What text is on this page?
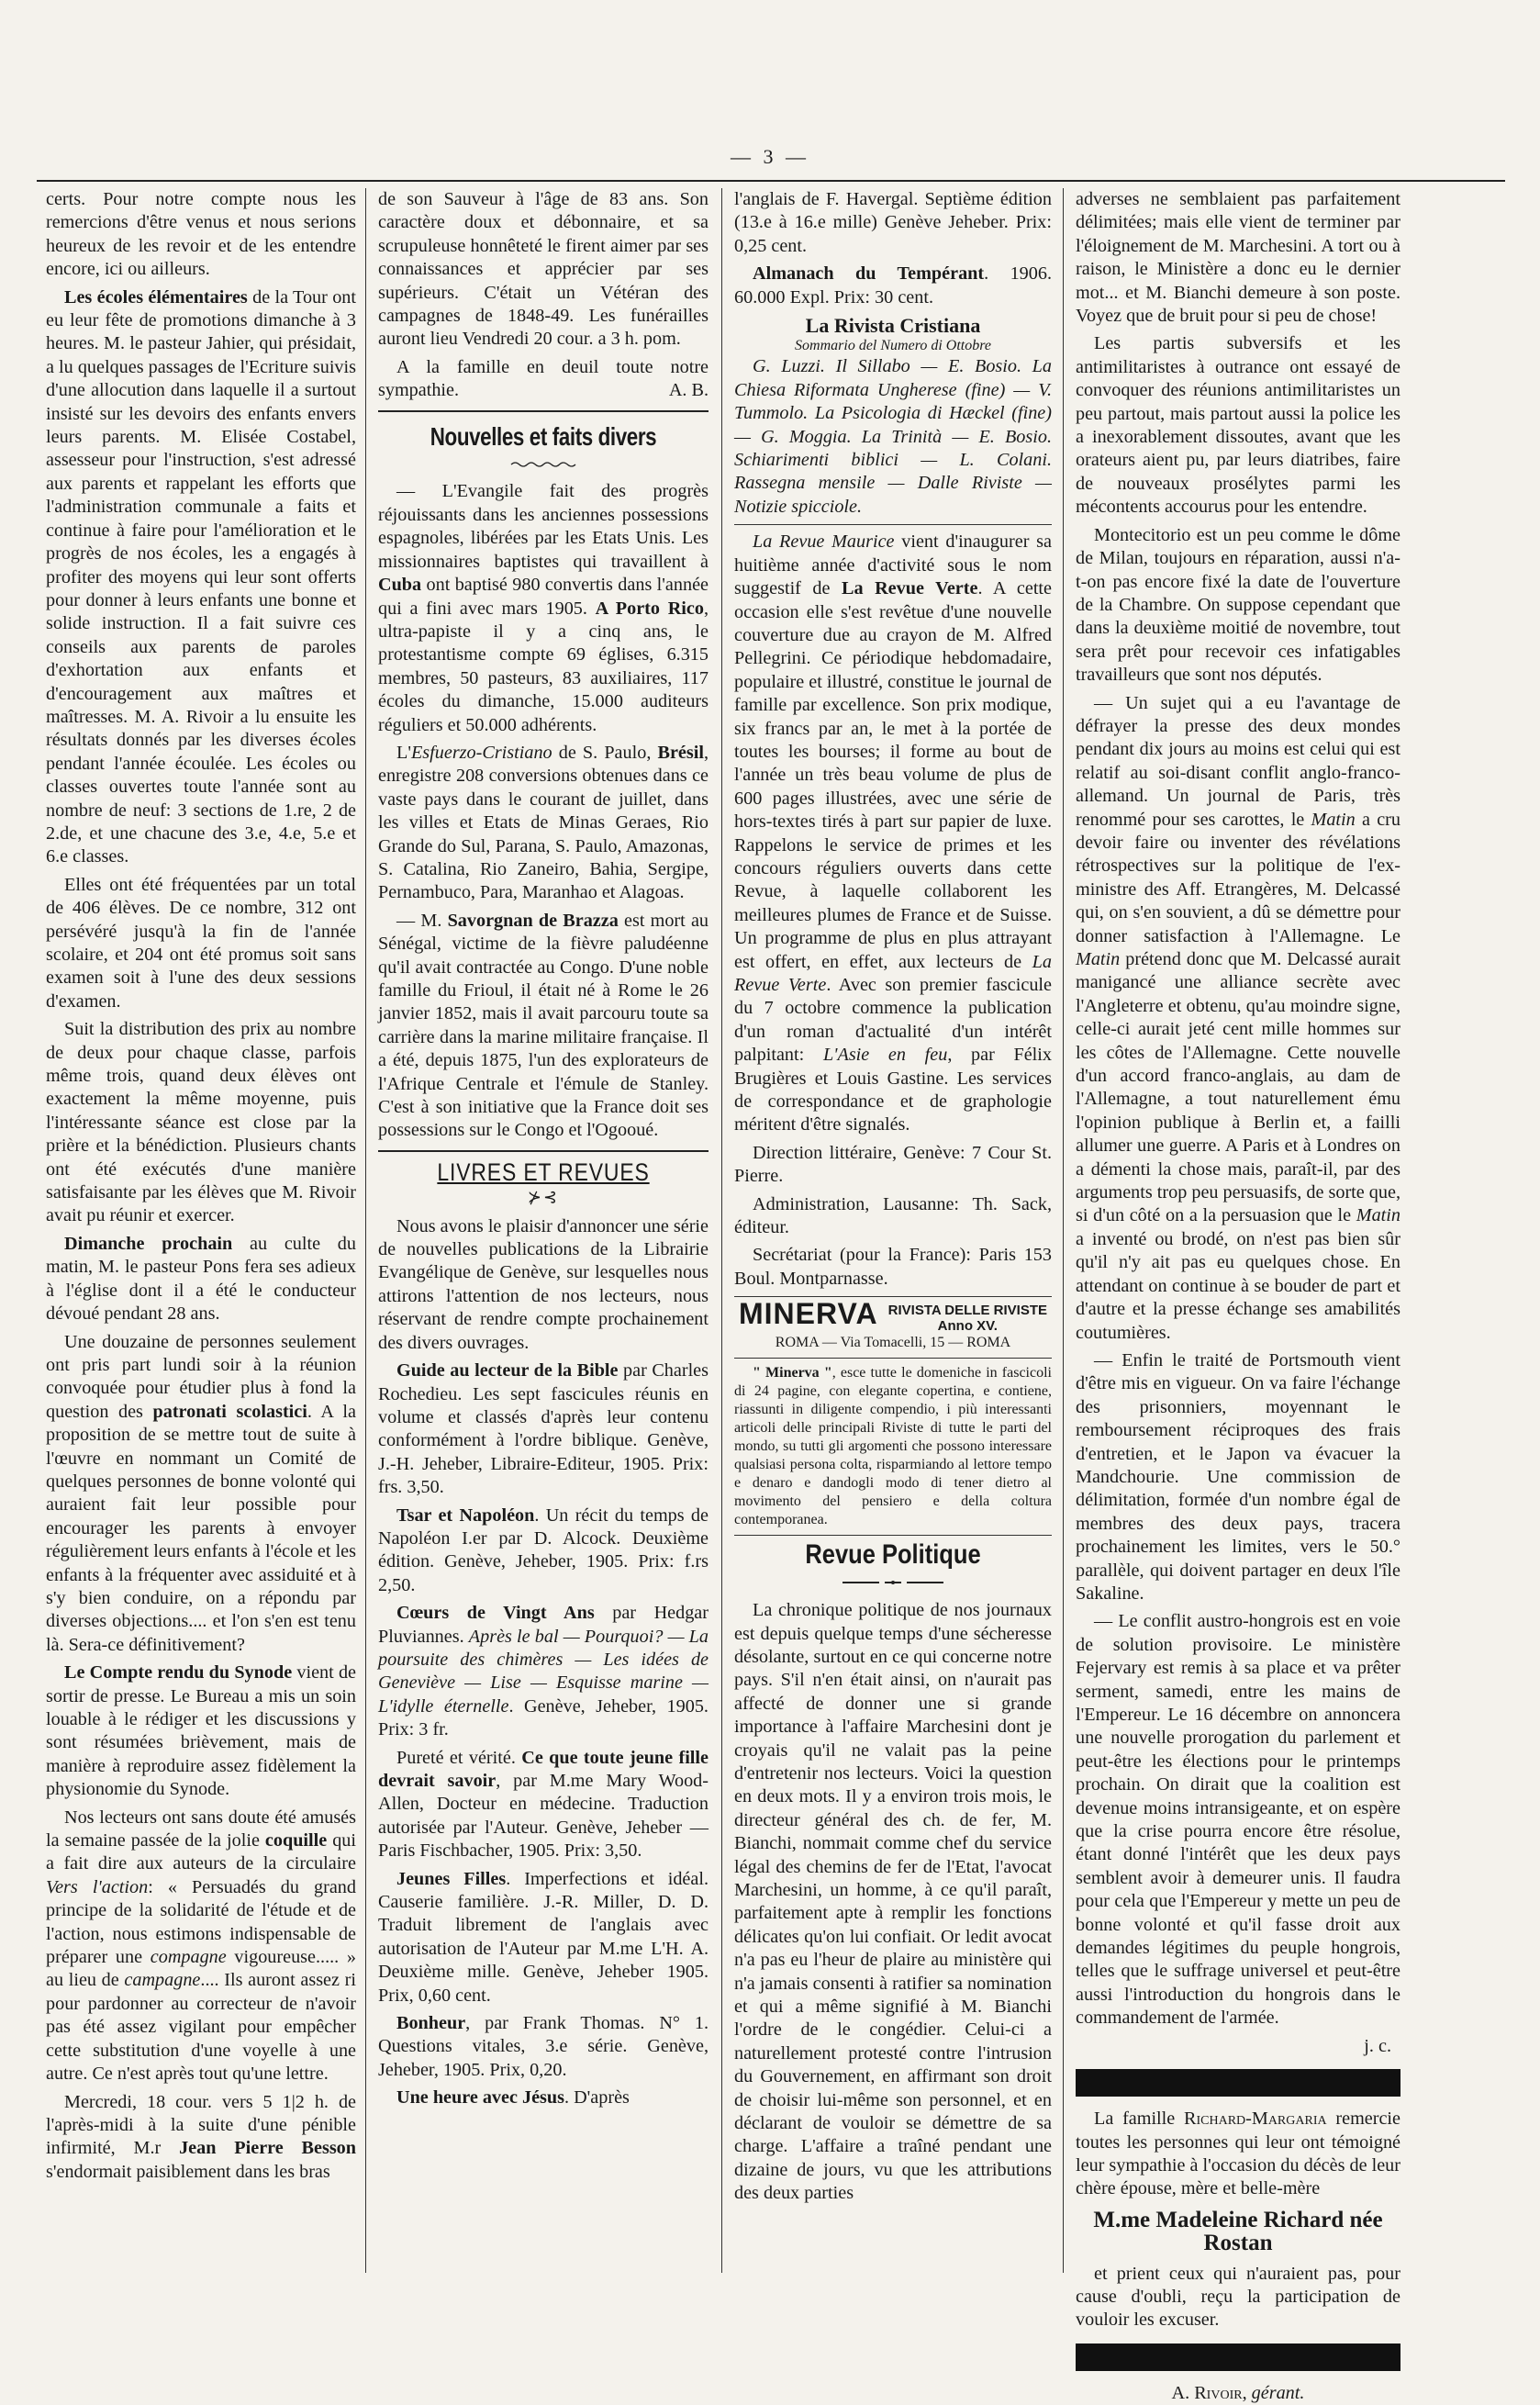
— 3 —

certs. Pour notre compte nous les remercions d'être venus et nous serions heureux de les revoir et de les entendre encore, ici ou ailleurs.

Les écoles élémentaires de la Tour ont eu leur fête de promotions dimanche à 3 heures. M. le pasteur Jahier, qui présidait, a lu quelques passages de l'Ecriture suivis d'une allocution dans laquelle il a surtout insisté sur les devoirs des enfants envers leurs parents. M. Elisée Costabel, assesseur pour l'instruction, s'est adressé aux parents et rappelant les efforts que l'administration communale a faits et continue à faire pour l'amélioration et le progrès de nos écoles, les a engagés à profiter des moyens qui leur sont offerts pour donner à leurs enfants une bonne et solide instruction. Il a fait suivre ces conseils aux parents de paroles d'exhortation aux enfants et d'encouragement aux maîtres et maîtresses. M. A. Rivoir a lu ensuite les résultats donnés par les diverses écoles pendant l'année écoulée. Les écoles ou classes ouvertes toute l'année sont au nombre de neuf: 3 sections de 1.re, 2 de 2.de, et une chacune des 3.e, 4.e, 5.e et 6.e classes.

Elles ont été fréquentées par un total de 406 élèves. De ce nombre, 312 ont persévéré jusqu'à la fin de l'année scolaire, et 204 ont été promus soit sans examen soit à l'une des deux sessions d'examen.

Suit la distribution des prix au nombre de deux pour chaque classe, parfois même trois, quand deux élèves ont exactement la même moyenne, puis l'intéressante séance est close par la prière et la bénédiction. Plusieurs chants ont été exécutés d'une manière satisfaisante par les élèves que M. Rivoir avait pu réunir et exercer.

Dimanche prochain au culte du matin, M. le pasteur Pons fera ses adieux à l'église dont il a été le conducteur dévoué pendant 28 ans.

Une douzaine de personnes seulement ont pris part lundi soir à la réunion convoquée pour étudier plus à fond la question des patronati scolastici. A la proposition de se mettre tout de suite à l'œuvre en nommant un Comité de quelques personnes de bonne volonté qui auraient fait leur possible pour encourager les parents à envoyer régulièrement leurs enfants à l'école et les enfants à la fréquenter avec assiduité et à s'y bien conduire, on a répondu par diverses objections.... et l'on s'en est tenu là. Sera-ce définitivement?

Le Compte rendu du Synode vient de sortir de presse. Le Bureau a mis un soin louable à le rédiger et les discussions y sont résumées brièvement, mais de manière à reproduire assez fidèlement la physionomie du Synode.

Nos lecteurs ont sans doute été amusés la semaine passée de la jolie coquille qui a fait dire aux auteurs de la circulaire Vers l'action: « Persuadés du grand principe de la solidarité de l'étude et de l'action, nous estimons indispensable de préparer une compagne vigoureuse..... » au lieu de campagne.... Ils auront assez ri pour pardonner au correcteur de n'avoir pas été assez vigilant pour empêcher cette substitution d'une voyelle à une autre. Ce n'est après tout qu'une lettre.

Mercredi, 18 cour. vers 5 1|2 h. de l'après-midi à la suite d'une pénible infirmité, M.r Jean Pierre Besson s'endormait paisiblement dans les bras

de son Sauveur à l'âge de 83 ans. Son caractère doux et débonnaire, et sa scrupuleuse honnêteté le firent aimer par ses connaissances et apprécier par ses supérieurs. C'était un Vétéran des campagnes de 1848-49. Les funérailles auront lieu Vendredi 20 cour. a 3 h. pom.

A la famille en deuil toute notre sympathie.	A. B.

Nouvelles et faits divers

— L'Evangile fait des progrès réjouissants dans les anciennes possessions espagnoles, libérées par les Etats Unis. Les missionnaires baptistes qui travaillent à Cuba ont baptisé 980 convertis dans l'année qui a fini avec mars 1905. A Porto Rico, ultra-papiste il y a cinq ans, le protestantisme compte 69 églises, 6.315 membres, 50 pasteurs, 83 auxiliaires, 117 écoles du dimanche, 15.000 auditeurs réguliers et 50.000 adhérents.

L'Esfuerzo-Cristiano de S. Paulo, Brésil, enregistre 208 conversions obtenues dans ce vaste pays dans le courant de juillet, dans les villes et Etats de Minas Geraes, Rio Grande do Sul, Parana, S. Paulo, Amazonas, S. Catalina, Rio Zaneiro, Bahia, Sergipe, Pernambuco, Para, Maranhao et Alagoas.

— M. Savorgnan de Brazza est mort au Sénégal, victime de la fièvre paludéenne qu'il avait contractée au Congo. D'une noble famille du Frioul, il était né à Rome le 26 janvier 1852, mais il avait parcouru toute sa carrière dans la marine militaire française. Il a été, depuis 1875, l'un des explorateurs de l'Afrique Centrale et l'émule de Stanley. C'est à son initiative que la France doit ses possessions sur le Congo et l'Ogooué.

LIVRES ET REVUES
⊁⊰

Nous avons le plaisir d'annoncer une série de nouvelles publications de la Librairie Evangélique de Genève, sur lesquelles nous attirons l'attention de nos lecteurs, nous réservant de rendre compte prochainement des divers ouvrages.

Guide au lecteur de la Bible par Charles Rochedieu. Les sept fascicules réunis en volume et classés d'après leur contenu conformément à l'ordre biblique. Genève, J.-H. Jeheber, Libraire-Editeur, 1905. Prix: frs. 3,50.

Tsar et Napoléon. Un récit du temps de Napoléon I.er par D. Alcock. Deuxième édition. Genève, Jeheber, 1905. Prix: f.rs 2,50.

Cœurs de Vingt Ans par Hedgar Pluviannes. Après le bal — Pourquoi? — La poursuite des chimères — Les idées de Geneviève — Lise — Esquisse marine — L'idylle éternelle. Genève, Jeheber, 1905. Prix: 3 fr.

Pureté et vérité. Ce que toute jeune fille devrait savoir, par M.me Mary Wood-Allen, Docteur en médecine. Traduction autorisée par l'Auteur. Genève, Jeheber — Paris Fischbacher, 1905. Prix: 3,50.

Jeunes Filles. Imperfections et idéal. Causerie familière. J.-R. Miller, D. D. Traduit librement de l'anglais avec autorisation de l'Auteur par M.me L'H. A. Deuxième mille. Genève, Jeheber 1905. Prix, 0,60 cent.

Bonheur, par Frank Thomas. N° 1. Questions vitales, 3.e série. Genève, Jeheber, 1905. Prix, 0,20.

Une heure avec Jésus. D'après

l'anglais de F. Havergal. Septième édition (13.e à 16.e mille) Genève Jeheber. Prix: 0,25 cent.

Almanach du Tempérant. 1906. 60.000 Expl. Prix: 30 cent.

La Rivista Cristiana
Sommario del Numero di Ottobre

G. Luzzi. Il Sillabo — E. Bosio. La Chiesa Riformata Ungherese (fine) — V. Tummolo. La Psicologia di Hæckel (fine) — G. Moggia. La Trinità — E. Bosio. Schiarimenti biblici — L. Colani. Rassegna mensile — Dalle Riviste — Notizie spicciole.

La Revue Maurice vient d'inaugurer sa huitième année d'activité sous le nom suggestif de La Revue Verte. A cette occasion elle s'est revêtue d'une nouvelle couverture due au crayon de M. Alfred Pellegrini. Ce périodique hebdomadaire, populaire et illustré, constitue le journal de famille par excellence. Son prix modique, six francs par an, le met à la portée de toutes les bourses; il forme au bout de l'année un très beau volume de plus de 600 pages illustrées, avec une série de hors-textes tirés à part sur papier de luxe. Rappelons le service de primes et les concours réguliers ouverts dans cette Revue, à laquelle collaborent les meilleures plumes de France et de Suisse. Un programme de plus en plus attrayant est offert, en effet, aux lecteurs de La Revue Verte. Avec son premier fascicule du 7 octobre commence la publication d'un roman d'actualité d'un intérêt palpitant: L'Asie en feu, par Félix Brugières et Louis Gastine. Les services de correspondance et de graphologie méritent d'être signalés.

Direction littéraire, Genève: 7 Cour St. Pierre.

Administration, Lausanne: Th. Sack, éditeur.

Secrétariat (pour la France): Paris 153 Boul. Montparnasse.

MINERVA RIVISTA DELLE RIVISTE
Anno XV.
ROMA — Via Tomacelli, 15 — ROMA

" Minerva ", esce tutte le domeniche in fascicoli di 24 pagine, con elegante copertina, e contiene, riassunti in diligente compendio, i più interessanti articoli delle principali Riviste di tutte le parti del mondo, su tutti gli argomenti che possono interessare qualsiasi persona colta, risparmiando al lettore tempo e denaro e dandogli modo di tener dietro al movimento del pensiero e della coltura contemporanea.

Revue Politique

La chronique politique de nos journaux est depuis quelque temps d'une sécheresse désolante, surtout en ce qui concerne notre pays. S'il n'en était ainsi, on n'aurait pas affecté de donner une si grande importance à l'affaire Marchesini dont je croyais qu'il ne valait pas la peine d'entretenir nos lecteurs. Voici la question en deux mots. Il y a environ trois mois, le directeur général des ch. de fer, M. Bianchi, nommait comme chef du service légal des chemins de fer de l'Etat, l'avocat Marchesini, un homme, à ce qu'il paraît, parfaitement apte à remplir les fonctions délicates qu'on lui confiait. Or ledit avocat n'a pas eu l'heur de plaire au ministère qui n'a jamais consenti à ratifier sa nomination et qui a même signifié à M. Bianchi l'ordre de le congédier. Celui-ci a naturellement protesté contre l'intrusion du Gouvernement, en affirmant son droit de choisir lui-même son personnel, et en déclarant de vouloir se démettre de sa charge. L'affaire a traîné pendant une dizaine de jours, vu que les attributions des deux parties

adverses ne semblaient pas parfaitement délimitées; mais elle vient de terminer par l'éloignement de M. Marchesini. A tort ou à raison, le Ministère a donc eu le dernier mot... et M. Bianchi demeure à son poste. Voyez que de bruit pour si peu de chose!

Les partis subversifs et les antimilitaristes à outrance ont essayé de convoquer des réunions antimilitaristes un peu partout, mais partout aussi la police les a inexorablement dissoutes, avant que les orateurs aient pu, par leurs diatribes, faire de nouveaux prosélytes parmi les mécontents accourus pour les entendre.

Montecitorio est un peu comme le dôme de Milan, toujours en réparation, aussi n'a-t-on pas encore fixé la date de l'ouverture de la Chambre. On suppose cependant que dans la deuxième moitié de novembre, tout sera prêt pour recevoir ces infatigables travailleurs que sont nos députés.

— Un sujet qui a eu l'avantage de défrayer la presse des deux mondes pendant dix jours au moins est celui qui est relatif au soi-disant conflit anglo-franco-allemand. Un journal de Paris, très renommé pour ses carottes, le Matin a cru devoir faire ou inventer des révélations rétrospectives sur la politique de l'ex-ministre des Aff. Etrangères, M. Delcassé qui, on s'en souvient, a dû se démettre pour donner satisfaction à l'Allemagne. Le Matin prétend donc que M. Delcassé aurait manigancé une alliance secrète avec l'Angleterre et obtenu, qu'au moindre signe, celle-ci aurait jeté cent mille hommes sur les côtes de l'Allemagne. Cette nouvelle d'un accord franco-anglais, au dam de l'Allemagne, a tout naturellement ému l'opinion publique à Berlin et, a failli allumer une guerre. A Paris et à Londres on a démenti la chose mais, paraît-il, par des arguments trop peu persuasifs, de sorte que, si d'un côté on a la persuasion que le Matin a inventé ou brodé, on n'est pas bien sûr qu'il n'y ait pas eu quelques chose. En attendant on continue à se bouder de part et d'autre et la presse échange ses amabilités coutumières.

— Enfin le traité de Portsmouth vient d'être mis en vigueur. On va faire l'échange des prisonniers, moyennant le remboursement réciproques des frais d'entretien, et le Japon va évacuer la Mandchourie. Une commission de délimitation, formée d'un nombre égal de membres des deux pays, tracera prochainement les limites, vers le 50.° parallèle, qui doivent partager en deux l'île Sakaline.

— Le conflit austro-hongrois est en voie de solution provisoire. Le ministère Fejervary est remis à sa place et va prêter serment, samedi, entre les mains de l'Empereur. Le 16 décembre on annoncera une nouvelle prorogation du parlement et peut-être les élections pour le printemps prochain. On dirait que la coalition est devenue moins intransigeante, et on espère que la crise pourra encore être résolue, étant donné l'intérêt que les deux pays semblent avoir à demeurer unis. Il faudra pour cela que l'Empereur y mette un peu de bonne volonté et qu'il fasse droit aux demandes légitimes du peuple hongrois, telles que le suffrage universel et peut-être aussi l'introduction du hongrois dans le commandement de l'armée.

j. c.

La famille Richard-Margaria remercie toutes les personnes qui leur ont témoigné leur sympathie à l'occasion du décès de leur chère épouse, mère et belle-mère

M.me Madeleine Richard née Rostan

et prient ceux qui n'auraient pas, pour cause d'oubli, reçu la participation de vouloir les excuser.

A. Rivoir, gérant.
